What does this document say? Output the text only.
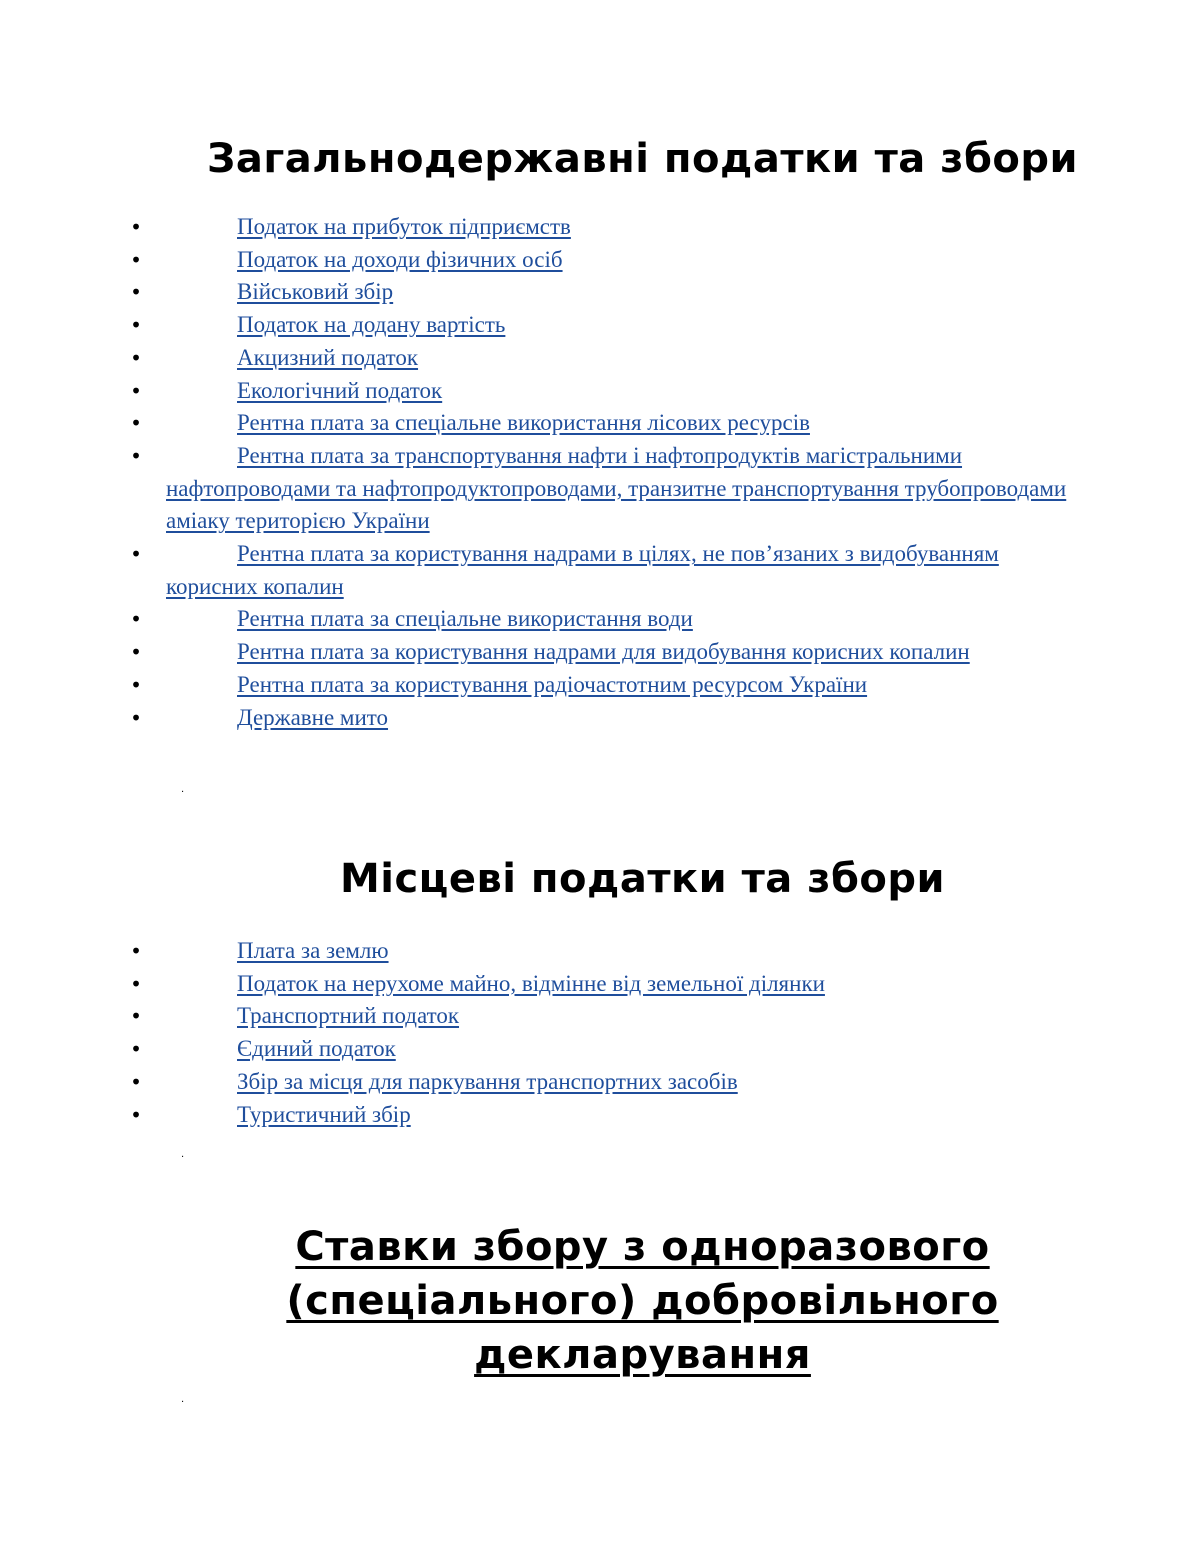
Загальнодержавні податки та збори
•	Податок на прибуток підприємств
•	Податок на доходи фізичних осіб
•	Військовий збір
•	Податок на додану вартість
•	Акцизний податок
•	Екологічний податок
•	Рентна плата за спеціальне використання лісових ресурсів
•	Рентна плата за транспортування нафти і нафтопродуктів магістральними нафтопроводами та нафтопродуктопроводами, транзитне транспортування трубопроводами аміаку територією України
•	Рентна плата за користування надрами в цілях, не пов’язаних з видобуванням корисних копалин
•	Рентна плата за спеціальне використання води
•	Рентна плата за користування надрами для видобування корисних копалин
•	Рентна плата за користування радіочастотним ресурсом України
•	Державне мито
·
Місцеві податки та збори
•	Плата за землю
•	Податок на нерухоме майно, відмінне від земельної ділянки
•	Транспортний податок
•	Єдиний податок
•	Збір за місця для паркування транспортних засобів
•	Туристичний збір
·
Ставки збору з одноразового
(спеціального) добровільного
декларування
·
